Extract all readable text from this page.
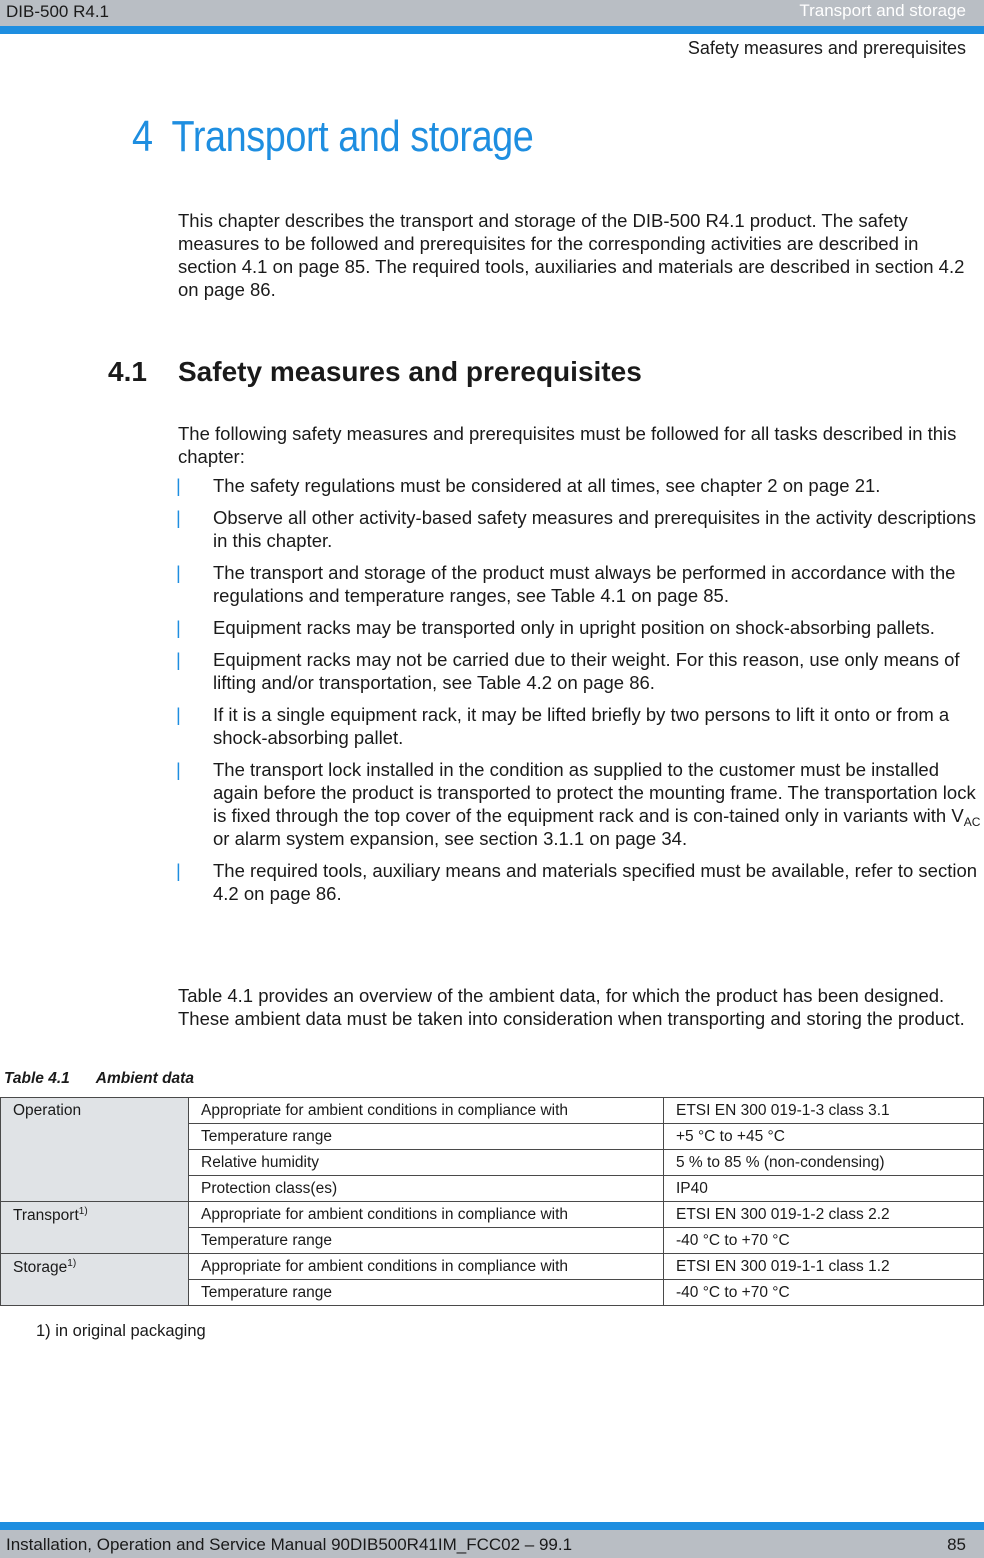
DIB-500 R4.1	Transport and storage
Safety measures and prerequisites
4 Transport and storage
This chapter describes the transport and storage of the DIB-500 R4.1 product. The safety measures to be followed and prerequisites for the corresponding activities are described in section 4.1 on page 85. The required tools, auxiliaries and materials are described in section 4.2 on page 86.
4.1 Safety measures and prerequisites
The following safety measures and prerequisites must be followed for all tasks described in this chapter:
| The safety regulations must be considered at all times, see chapter 2 on page 21.
| Observe all other activity-based safety measures and prerequisites in the activity descriptions in this chapter.
| The transport and storage of the product must always be performed in accordance with the regulations and temperature ranges, see Table 4.1 on page 85.
| Equipment racks may be transported only in upright position on shock-absorbing pallets.
| Equipment racks may not be carried due to their weight. For this reason, use only means of lifting and/or transportation, see Table 4.2 on page 86.
| If it is a single equipment rack, it may be lifted briefly by two persons to lift it onto or from a shock-absorbing pallet.
| The transport lock installed in the condition as supplied to the customer must be installed again before the product is transported to protect the mounting frame. The transportation lock is fixed through the top cover of the equipment rack and is con-tained only in variants with $V_{AC}$ or alarm system expansion, see section 3.1.1 on page 34.
| The required tools, auxiliary means and materials specified must be available, refer to section 4.2 on page 86.
Table 4.1 provides an overview of the ambient data, for which the product has been designed. These ambient data must be taken into consideration when transporting and storing the product.
Table 4.1 Ambient data
Operation	Appropriate for ambient conditions in compliance with	ETSI EN 300 019-1-3 class 3.1
	Temperature range	+5 °C to +45 °C
	Relative humidity	5 % to 85 % (non-condensing)
	Protection class(es)	IP40
Transport$^{1)}$	Appropriate for ambient conditions in compliance with	ETSI EN 300 019-1-2 class 2.2
	Temperature range	-40 °C to +70 °C
Storage$^{1)}$	Appropriate for ambient conditions in compliance with	ETSI EN 300 019-1-1 class 1.2
	Temperature range	-40 °C to +70 °C
1) in original packaging
Installation, Operation and Service Manual 90DIB500R41IM_FCC02 – 99.1	85
